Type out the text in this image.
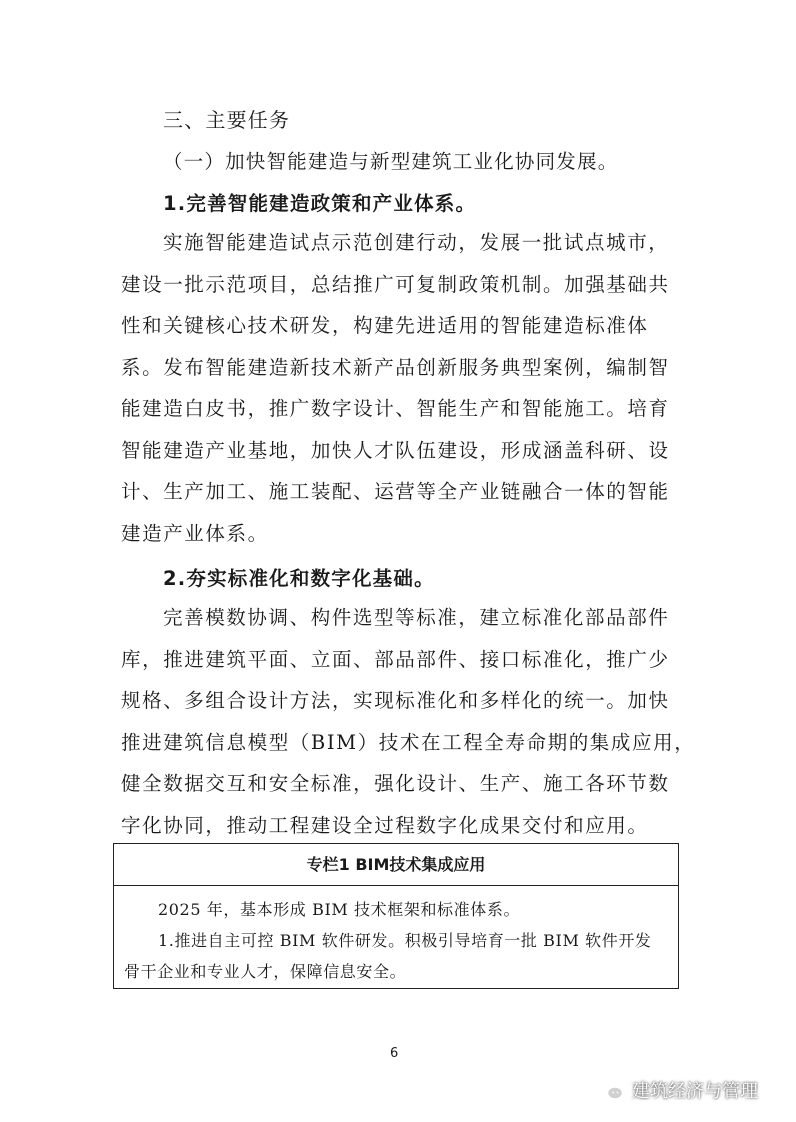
三、主要任务
（一）加快智能建造与新型建筑工业化协同发展。
1.完善智能建造政策和产业体系。
实施智能建造试点示范创建行动，发展一批试点城市，
建设一批示范项目，总结推广可复制政策机制。加强基础共
性和关键核心技术研发，构建先进适用的智能建造标准体
系。发布智能建造新技术新产品创新服务典型案例，编制智
能建造白皮书，推广数字设计、智能生产和智能施工。培育
智能建造产业基地，加快人才队伍建设，形成涵盖科研、设
计、生产加工、施工装配、运营等全产业链融合一体的智能
建造产业体系。
2.夯实标准化和数字化基础。
完善模数协调、构件选型等标准，建立标准化部品部件
库，推进建筑平面、立面、部品部件、接口标准化，推广少
规格、多组合设计方法，实现标准化和多样化的统一。加快
推进建筑信息模型（BIM）技术在工程全寿命期的集成应用，
健全数据交互和安全标准，强化设计、生产、施工各环节数
字化协同，推动工程建设全过程数字化成果交付和应用。
专栏1 BIM技术集成应用
2025 年，基本形成 BIM 技术框架和标准体系。
1.推进自主可控 BIM 软件研发。积极引导培育一批 BIM 软件开发
骨干企业和专业人才，保障信息安全。
6
建筑经济与管理
